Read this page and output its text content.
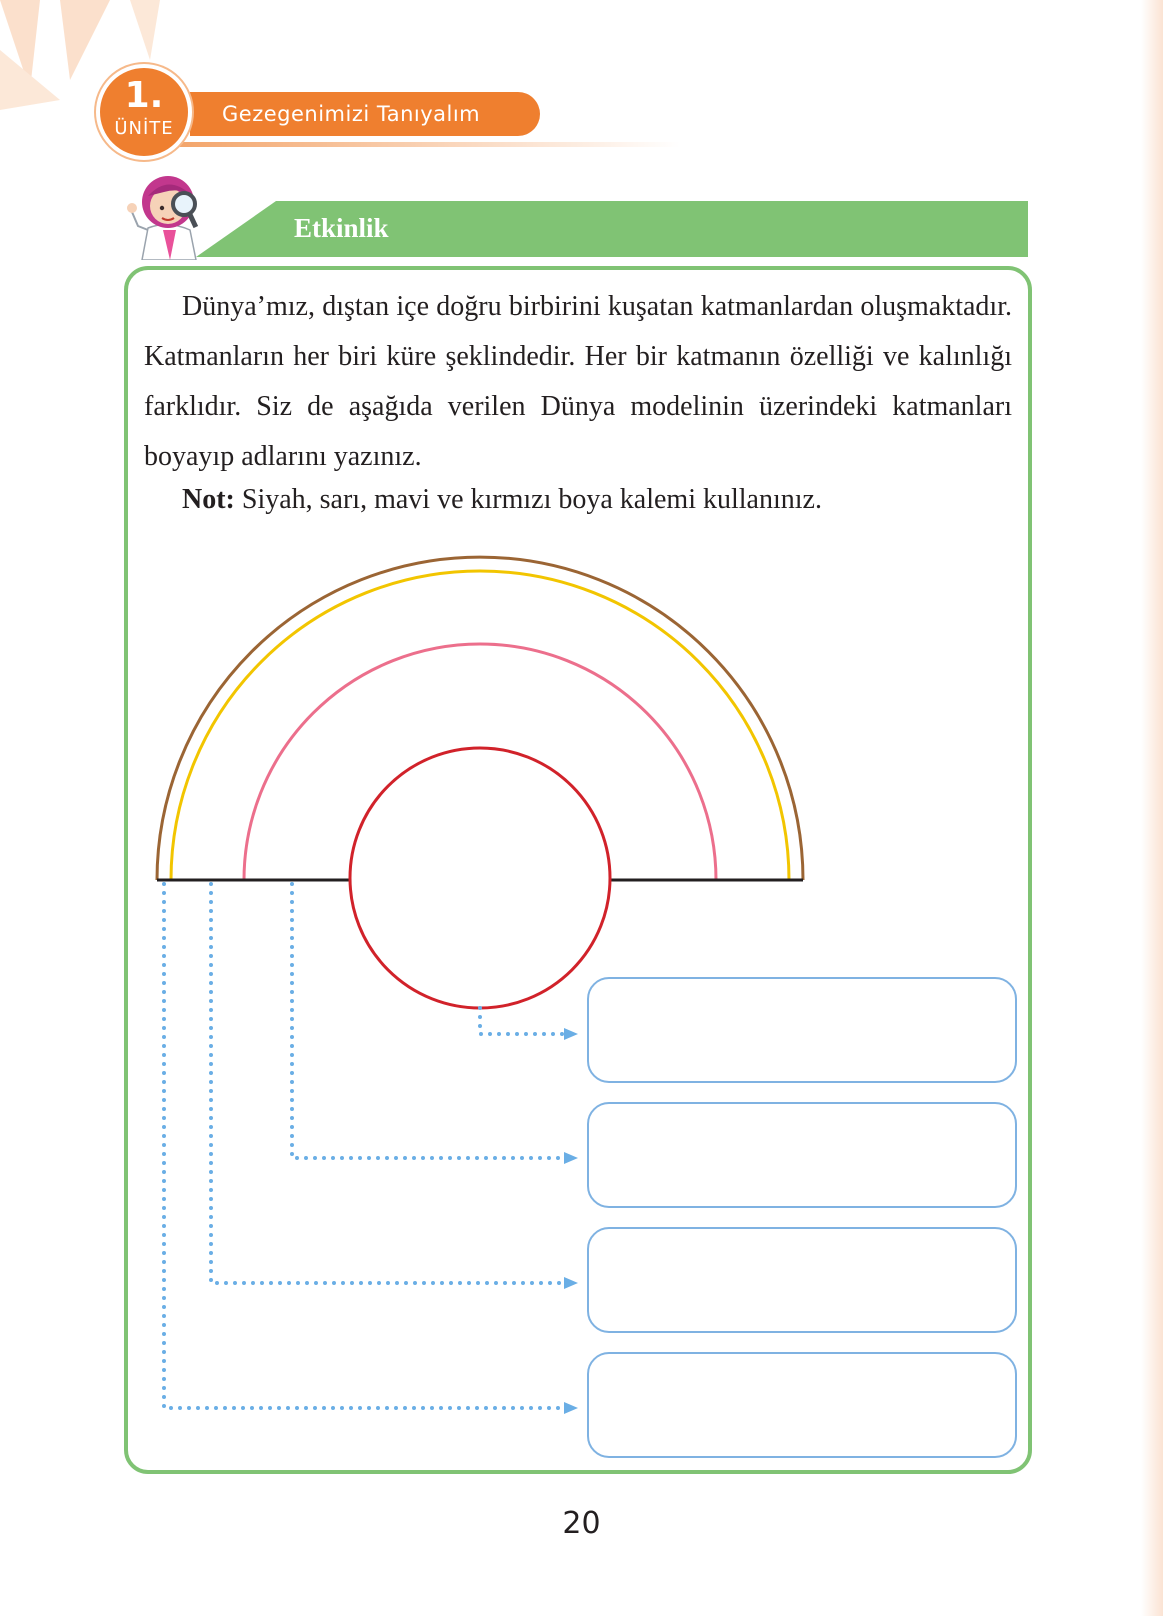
Gezegenimizi Tanıyalım
1.
ÜNİTE
Etkinlik

Dünya’mız, dıştan içe doğru birbirini kuşatan katmanlardan oluşmaktadır. Katmanların her biri küre şeklindedir. Her bir katmanın özelliği ve kalınlığı farklıdır. Siz de aşağıda verilen Dünya modelinin üzerindeki katmanları boyayıp adlarını yazınız.

Not: Siyah, sarı, mavi ve kırmızı boya kalemi kullanınız.

20
